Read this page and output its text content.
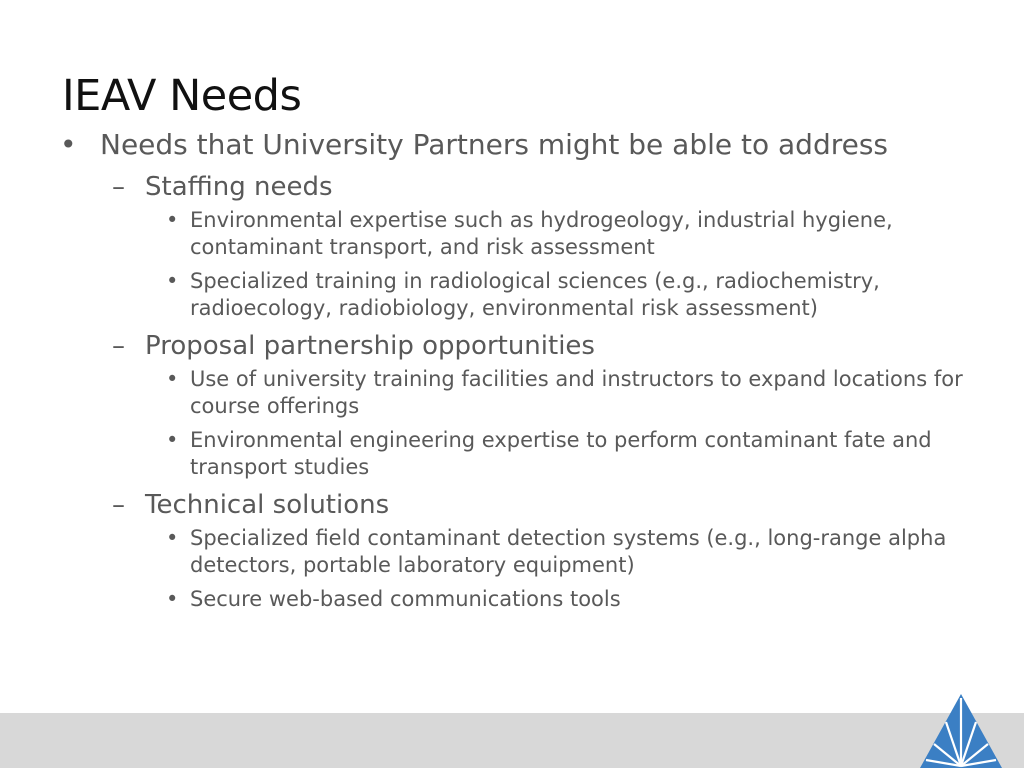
IEAV Needs
• Needs that University Partners might be able to address
– Staffing needs
• Environmental expertise such as hydrogeology, industrial hygiene, contaminant transport, and risk assessment
• Specialized training in radiological sciences (e.g., radiochemistry, radioecology, radiobiology, environmental risk assessment)
– Proposal partnership opportunities
• Use of university training facilities and instructors to expand locations for course offerings
• Environmental engineering expertise to perform contaminant fate and transport studies
– Technical solutions
• Specialized field contaminant detection systems (e.g., long-range alpha detectors, portable laboratory equipment)
• Secure web-based communications tools
